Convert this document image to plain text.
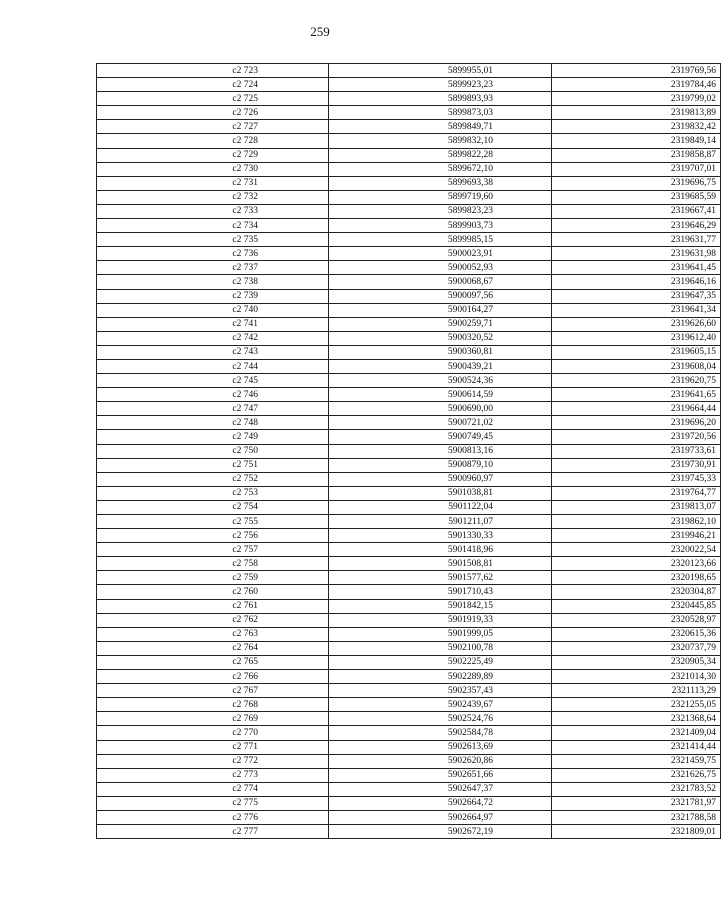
259
с2 723	5899955,01	2319769,56
с2 724	5899923,23	2319784,46
с2 725	5899893,93	2319799,02
с2 726	5899873,03	2319813,89
с2 727	5899849,71	2319832,42
с2 728	5899832,10	2319849,14
с2 729	5899822,28	2319858,87
с2 730	5899672,10	2319707,01
с2 731	5899693,38	2319696,75
с2 732	5899719,60	2319685,59
с2 733	5899823,23	2319667,41
с2 734	5899903,73	2319646,29
с2 735	5899985,15	2319631,77
с2 736	5900023,91	2319631,98
с2 737	5900052,93	2319641,45
с2 738	5900068,67	2319646,16
с2 739	5900097,56	2319647,35
с2 740	5900164,27	2319641,34
с2 741	5900259,71	2319626,60
с2 742	5900320,52	2319612,40
с2 743	5900360,81	2319605,15
с2 744	5900439,21	2319608,04
с2 745	5900524,36	2319620,75
с2 746	5900614,59	2319641,65
с2 747	5900690,00	2319664,44
с2 748	5900721,02	2319696,20
с2 749	5900749,45	2319720,56
с2 750	5900813,16	2319733,61
с2 751	5900879,10	2319730,91
с2 752	5900960,97	2319745,33
с2 753	5901038,81	2319764,77
с2 754	5901122,04	2319813,07
с2 755	5901211,07	2319862,10
с2 756	5901330,33	2319946,21
с2 757	5901418,96	2320022,54
с2 758	5901508,81	2320123,66
с2 759	5901577,62	2320198,65
с2 760	5901710,43	2320304,87
с2 761	5901842,15	2320445,85
с2 762	5901919,33	2320528,97
с2 763	5901999,05	2320615,36
с2 764	5902100,78	2320737,79
с2 765	5902225,49	2320905,34
с2 766	5902289,89	2321014,30
с2 767	5902357,43	2321113,29
с2 768	5902439,67	2321255,05
с2 769	5902524,76	2321368,64
с2 770	5902584,78	2321409,04
с2 771	5902613,69	2321414,44
с2 772	5902620,86	2321459,75
с2 773	5902651,66	2321626,75
с2 774	5902647,37	2321783,52
с2 775	5902664,72	2321781,97
с2 776	5902664,97	2321788,58
с2 777	5902672,19	2321809,01
